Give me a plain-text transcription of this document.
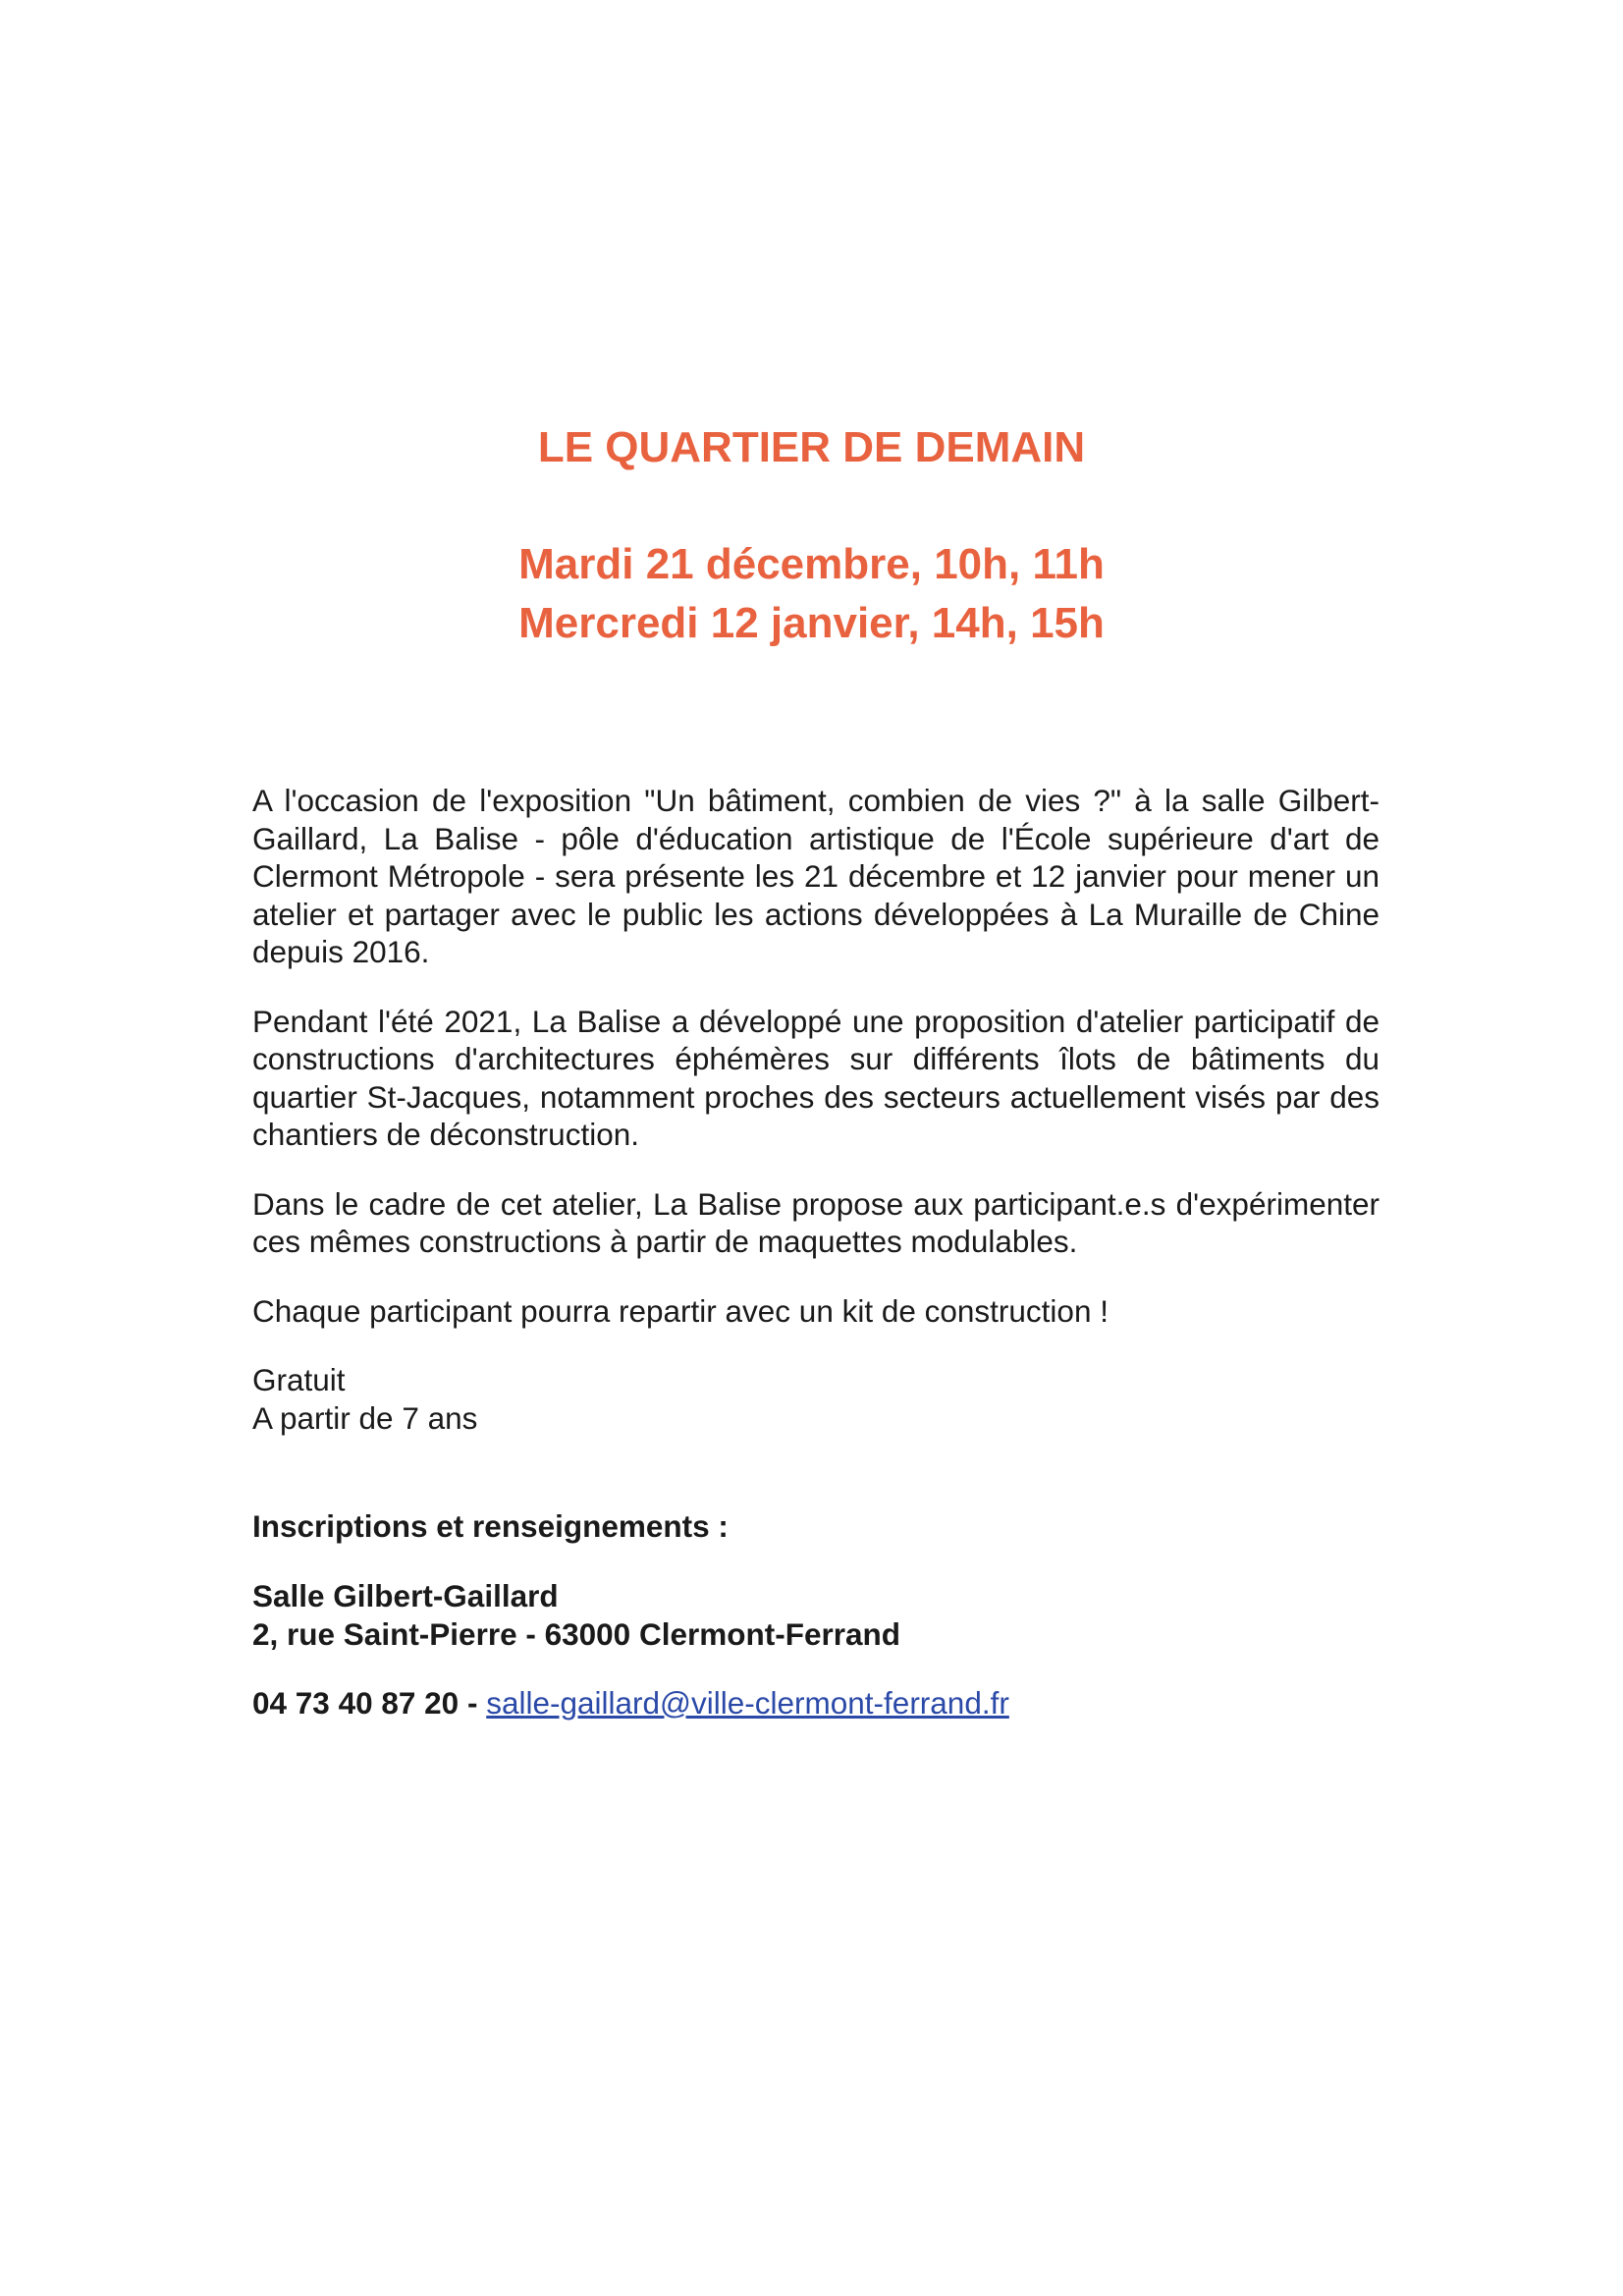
LE QUARTIER DE DEMAIN
Mardi 21 décembre, 10h, 11h
Mercredi 12 janvier, 14h, 15h

A l'occasion de l'exposition "Un bâtiment, combien de vies ?" à la salle Gilbert-Gaillard, La Balise - pôle d'éducation artistique de l'École supérieure d'art de Clermont Métropole - sera présente les 21 décembre et 12 janvier pour mener un atelier et partager avec le public les actions développées à La Muraille de Chine depuis 2016.

Pendant l'été 2021, La Balise a développé une proposition d'atelier participatif de constructions d'architectures éphémères sur différents îlots de bâtiments du quartier St-Jacques, notamment proches des secteurs actuellement visés par des chantiers de déconstruction.

Dans le cadre de cet atelier, La Balise propose aux participant.e.s d'expérimenter ces mêmes constructions à partir de maquettes modulables.

Chaque participant pourra repartir avec un kit de construction !

Gratuit

A partir de 7 ans

Inscriptions et renseignements :
Salle Gilbert-Gaillard
2, rue Saint-Pierre - 63000 Clermont-Ferrand
04 73 40 87 20 - salle-gaillard@ville-clermont-ferrand.fr
